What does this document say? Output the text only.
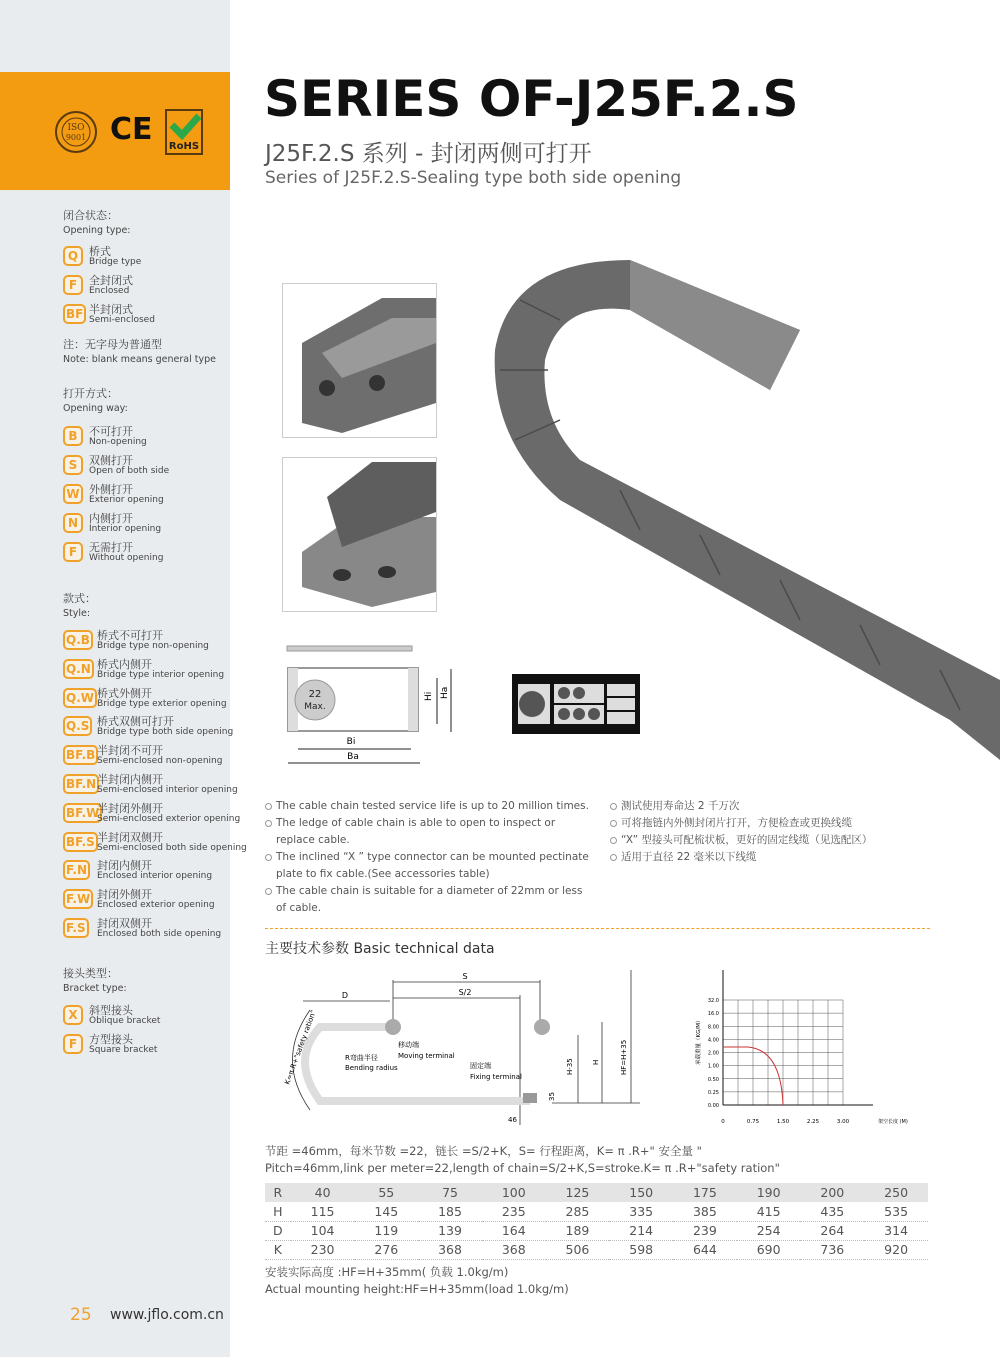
ISO
9001 CE RoHS
闭合状态：
Opening type:
Q 桥式
Bridge type
F	全封闭式
Enclosed
BF 半封闭式
Semi-enclosed
注：无字母为普通型
Note: blank means general type
打开方式：
Opening way:
B	不可打开
Non-opening
S	双侧打开
Open of both side
W 外侧打开
Exterior opening
N 内侧打开
Interior opening
F	无需打开
Without opening
款式：
Style:
Q.B 桥式不可打开
Bridge type non-opening
Q.N 桥式内侧开
Bridge type interior opening
Q.W 桥式外侧开
Bridge type exterior opening
Q.S 桥式双侧可打开
Bridge type both side opening
BF.B 半封闭不可开
Semi-enclosed non-opening
BF.N 半封闭内侧开
Semi-enclosed interior opening
BF.W
半封闭外侧开
Semi-enclosed exterior opening
BF.S 半封闭双侧开
Semi-enclosed both side opening
F.N 封闭内侧开
Enclosed interior opening
F.W 封闭外侧开
Enclosed exterior opening
F.S 封闭双侧开
Enclosed both side opening
接头类型：
Bracket type:
X	斜型接头
Oblique bracket
F	方型接头
Square bracket
25 www.jflo.com.cn
SERIES OF-J25F.2.S
J25F.2.S 系列 - 封闭两侧可打开
Series of J25F.2.S-Sealing type both side opening
22
Max.
Bi
Ba
Hi Ha
The cable chain tested service life is up to 20 million times.
The ledge of cable chain is able to open to inspect or replace cable.
The inclined “X ” type connector can be mounted pectinate plate to fix cable.(See accessories table)
The cable chain is suitable for a diameter of 22mm or less of cable.
测试使用寿命达 2 千万次
可将拖链内外侧封闭片打开，方便检查或更换线缆
“X” 型接头可配梳状板，更好的固定线缆（见选配区）
适用于直径 22 毫米以下线缆
主要技术参数 Basic technical data
S
S/2
D
移动端
Moving terminal
R弯曲半径
Bending radius	固定端
Fixing terminal
K=π.R+"safety ration"	H-35	H	HF=H+35
35
46
0.00
0.25
0.50
1.00
2.00
4.00
8.00
16.0
32.0
0	0.75	1.50	2.25	3.00	架空长度 (M)
承载重量（KG/M）
节距 =46mm，每米节数 =22，链长 =S/2+K，S= 行程距离，K= π .R+" 安全量 "
Pitch=46mm,link per meter=22,length of chain=S/2+K,S=stroke.K= π .R+"safety ration"
R	40	55	75	100	125	150	175	190	200	250
H	115	145	185	235	285	335	385	415	435	535
D	104	119	139	164	189	214	239	254	264	314
K	230	276	368	368	506	598	644	690	736	920
安装实际高度 :HF=H+35mm( 负载 1.0kg/m)
Actual mounting height:HF=H+35mm(load 1.0kg/m)
